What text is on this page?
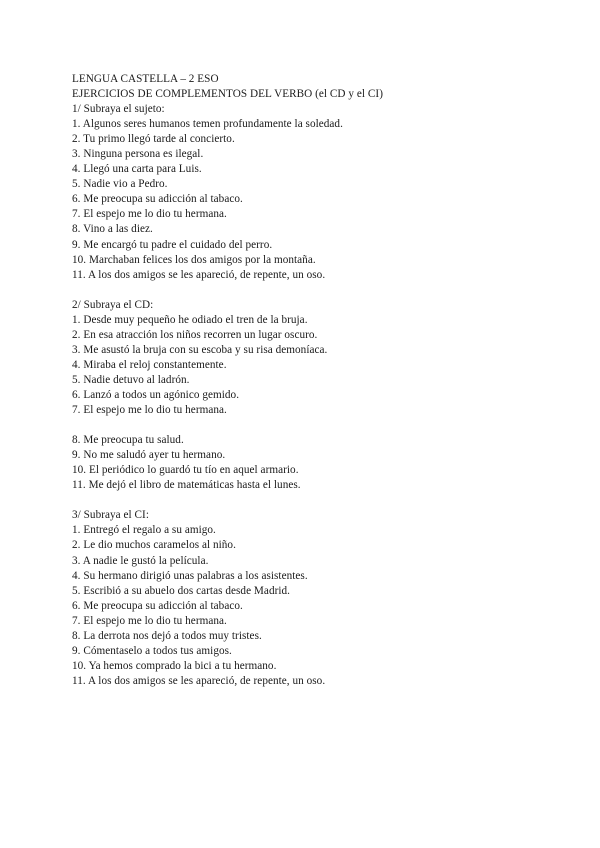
LENGUA CASTELLA – 2 ESO
EJERCICIOS DE COMPLEMENTOS DEL VERBO (el CD y el CI)
1/ Subraya el sujeto:
1. Algunos seres humanos temen profundamente la soledad.
2. Tu primo llegó tarde al concierto.
3. Ninguna persona es ilegal.
4. Llegó una carta para Luis.
5. Nadie vio a Pedro.
6. Me preocupa su adicción al tabaco.
7. El espejo me lo dio tu hermana.
8. Vino a las diez.
9. Me encargó tu padre el cuidado del perro.
10. Marchaban felices los dos amigos por la montaña.
11. A los dos amigos se les apareció, de repente, un oso.
2/ Subraya el CD:
1. Desde muy pequeño he odiado el tren de la bruja.
2. En esa atracción los niños recorren un lugar oscuro.
3. Me asustó la bruja con su escoba y su risa demoníaca.
4. Miraba el reloj constantemente.
5. Nadie detuvo al ladrón.
6. Lanzó a todos un agónico gemido.
7. El espejo me lo dio tu hermana.
8. Me preocupa tu salud.
9. No me saludó ayer tu hermano.
10. El periódico lo guardó tu tío en aquel armario.
11. Me dejó el libro de matemáticas hasta el lunes.
3/ Subraya el CI:
1. Entregó el regalo a su amigo.
2. Le dio muchos caramelos al niño.
3. A nadie le gustó la película.
4. Su hermano dirigió unas palabras a los asistentes.
5. Escribió a su abuelo dos cartas desde Madrid.
6. Me preocupa su adicción al tabaco.
7. El espejo me lo dio tu hermana.
8. La derrota nos dejó a todos muy tristes.
9. Cómentaselo a todos tus amigos.
10. Ya hemos comprado la bici a tu hermano.
11. A los dos amigos se les apareció, de repente, un oso.
